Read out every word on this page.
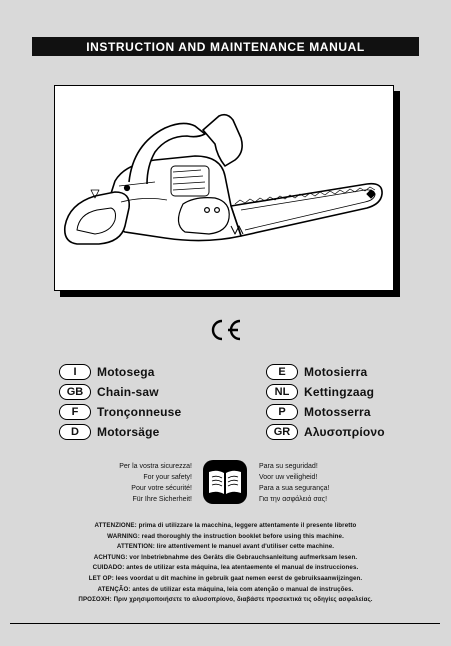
INSTRUCTION AND MAINTENANCE MANUAL
I	Motosega
GB	Chain-saw
F	Tronçonneuse
D	Motorsäge
E	Motosierra
NL	Kettingzaag
P	Motosserra
GR	Αλυσοπρίονο
Per la vostra sicurezza!
For your safety!
Pour votre sécurité!
Für Ihre Sicherheit!
Para su seguridad!
Voor uw veiligheid!
Para a sua segurança!
Για την ασφάλειά σας!
ATTENZIONE: prima di utilizzare la macchina, leggere attentamente il presente libretto
WARNING: read thoroughly the instruction booklet before using this machine.
ATTENTION: lire attentivement le manuel avant d'utiliser cette machine.
ACHTUNG: vor Inbetriebnahme des Geräts die Gebrauchsanleitung aufmerksam lesen.
CUIDADO: antes de utilizar esta máquina, lea atentaemente el manual de instrucciones.
LET OP: lees voordat u dit machine in gebruik gaat nemen eerst de gebruiksaanwijzingen.
ATENÇÃO: antes de utilizar esta máquina, leia com atenção o manual de instruções.
ΠΡΟΣΟΧΗ: Πριν χρησιμοποιήσετε το αλυσοπρίονο, διαβάστε προσεκτικά τις οδηγίες ασφαλείας.
